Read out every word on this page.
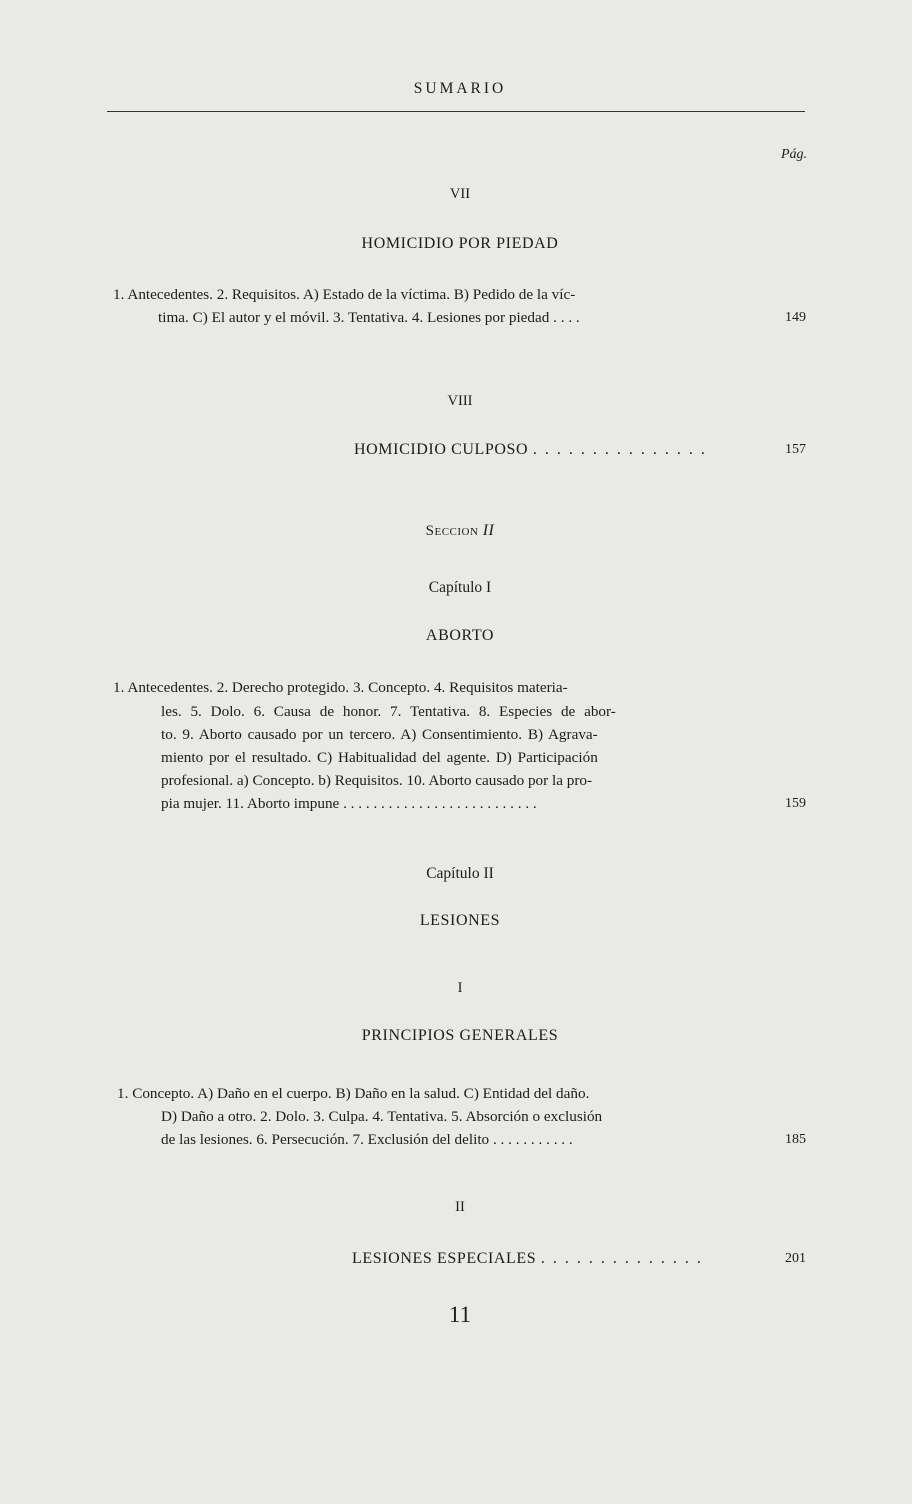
SUMARIO
Pág.
VII
HOMICIDIO POR PIEDAD
1. Antecedentes. 2. Requisitos. A) Estado de la víctima. B) Pedido de la víc-
tima. C) El autor y el móvil. 3. Tentativa. 4. Lesiones por piedad . . . .	149
VIII
HOMICIDIO CULPOSO . . . . . . . . . . . . . . .	157
Seccion II
Capítulo I
ABORTO
1. Antecedentes. 2. Derecho protegido. 3. Concepto. 4. Requisitos materia-
les. 5. Dolo. 6. Causa de honor. 7. Tentativa. 8. Especies de abor-
to. 9. Aborto causado por un tercero. A) Consentimiento. B) Agrava-
miento por el resultado. C) Habitualidad del agente. D) Participación
profesional. a) Concepto. b) Requisitos. 10. Aborto causado por la pro-
pia mujer. 11. Aborto impune . . . . . . . . . . . . . . . . . . . . . . . . . .	159
Capítulo II
LESIONES
I
PRINCIPIOS GENERALES
1. Concepto. A) Daño en el cuerpo. B) Daño en la salud. C) Entidad del daño.
D) Daño a otro. 2. Dolo. 3. Culpa. 4. Tentativa. 5. Absorción o exclusión
de las lesiones. 6. Persecución. 7. Exclusión del delito . . . . . . . . . . .	185
II
LESIONES ESPECIALES . . . . . . . . . . . . . .	201
11
